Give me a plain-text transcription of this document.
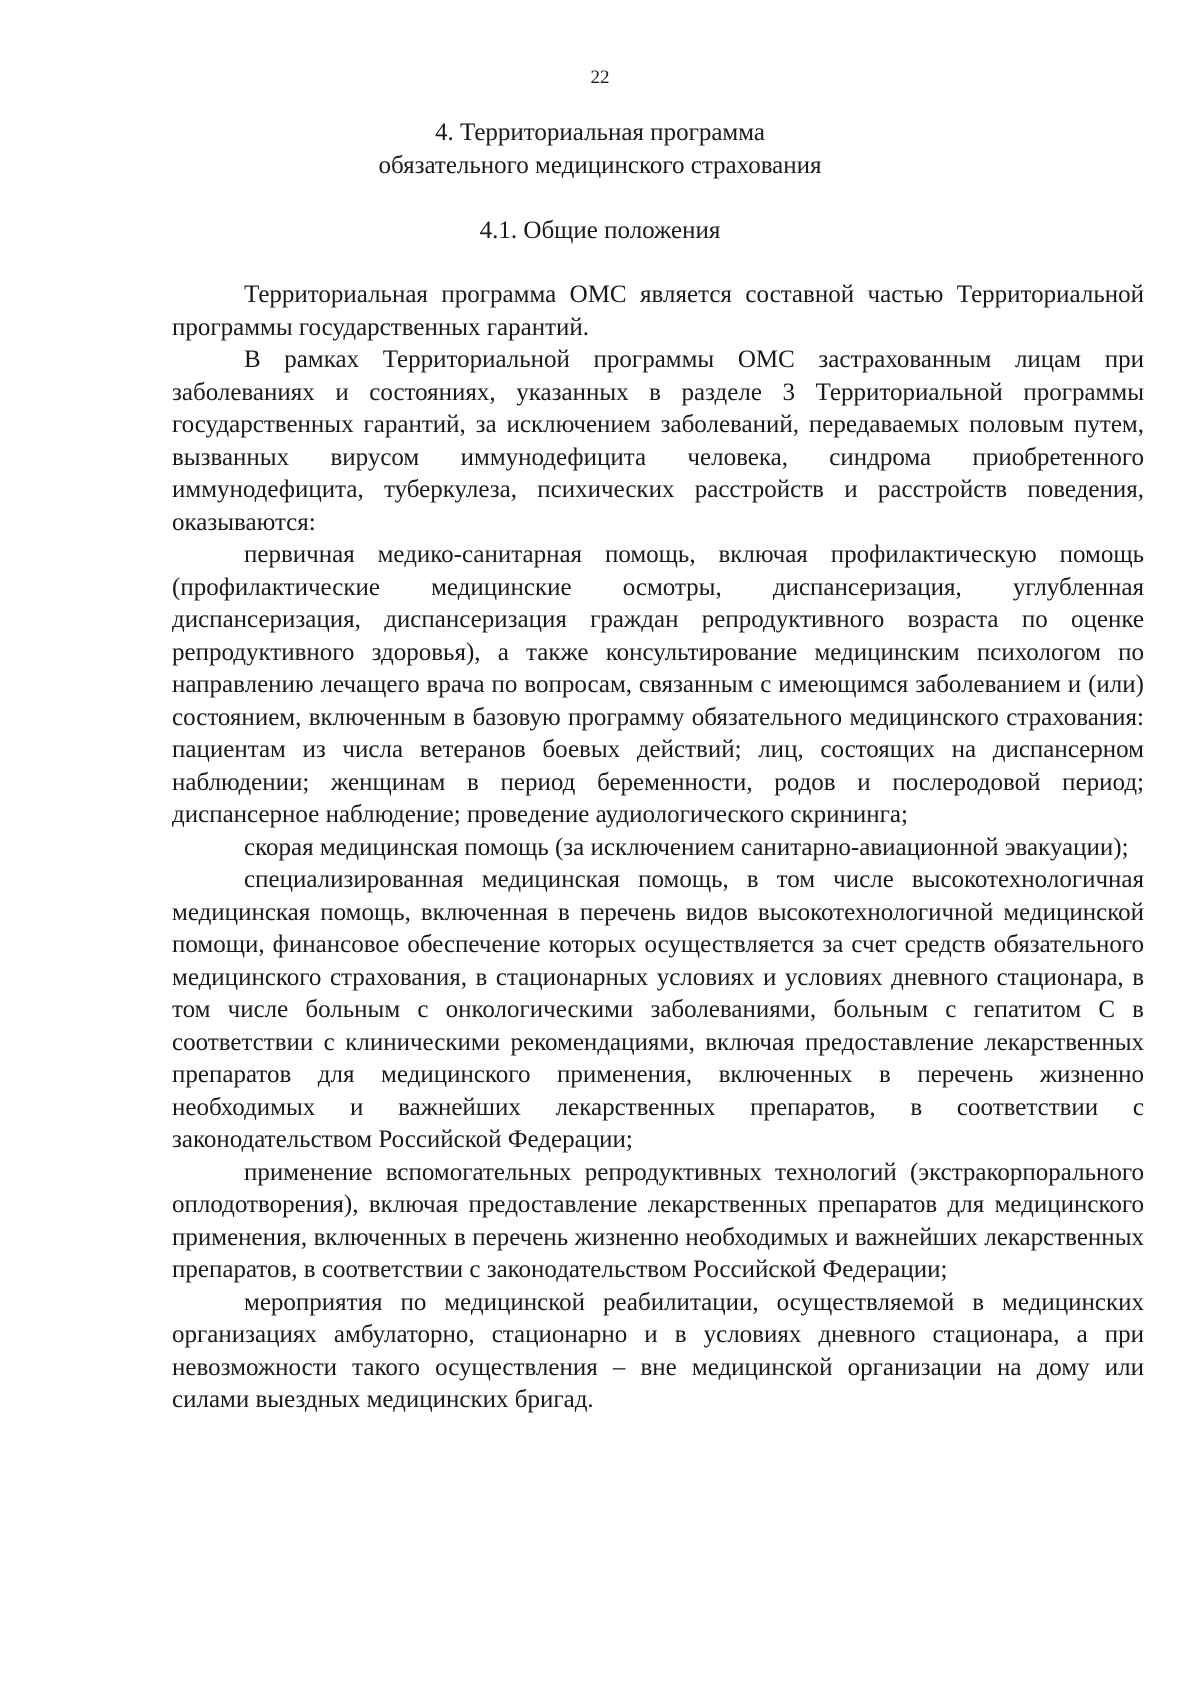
22
4. Территориальная программа
обязательного медицинского страхования
4.1. Общие положения

Территориальная программа ОМС является составной частью Территориальной программы государственных гарантий.

В рамках Территориальной программы ОМС застрахованным лицам при заболеваниях и состояниях, указанных в разделе 3 Территориальной программы государственных гарантий, за исключением заболеваний, передаваемых половым путем, вызванных вирусом иммунодефицита человека, синдрома приобретенного иммунодефицита, туберкулеза, психических расстройств и расстройств поведения, оказываются:

первичная медико-санитарная помощь, включая профилактическую помощь (профилактические медицинские осмотры, диспансеризация, углубленная диспансеризация, диспансеризация граждан репродуктивного возраста по оценке репродуктивного здоровья), а также консультирование медицинским психологом по направлению лечащего врача по вопросам, связанным с имеющимся заболеванием и (или) состоянием, включенным в базовую программу обязательного медицинского страхования: пациентам из числа ветеранов боевых действий; лиц, состоящих на диспансерном наблюдении; женщинам в период беременности, родов и послеродовой период; диспансерное наблюдение; проведение аудиологического скрининга;

скорая медицинская помощь (за исключением санитарно-авиационной эвакуации);

специализированная медицинская помощь, в том числе высокотехнологичная медицинская помощь, включенная в перечень видов высокотехнологичной медицинской помощи, финансовое обеспечение которых осуществляется за счет средств обязательного медицинского страхования, в стационарных условиях и условиях дневного стационара, в том числе больным с онкологическими заболеваниями, больным с гепатитом С в соответствии с клиническими рекомендациями, включая предоставление лекарственных препаратов для медицинского применения, включенных в перечень жизненно необходимых и важнейших лекарственных препаратов, в соответствии с законодательством Российской Федерации;

применение вспомогательных репродуктивных технологий (экстракорпорального оплодотворения), включая предоставление лекарственных препаратов для медицинского применения, включенных в перечень жизненно необходимых и важнейших лекарственных препаратов, в соответствии с законодательством Российской Федерации;

мероприятия по медицинской реабилитации, осуществляемой в медицинских организациях амбулаторно, стационарно и в условиях дневного стационара, а при невозможности такого осуществления – вне медицинской организации на дому или силами выездных медицинских бригад.
